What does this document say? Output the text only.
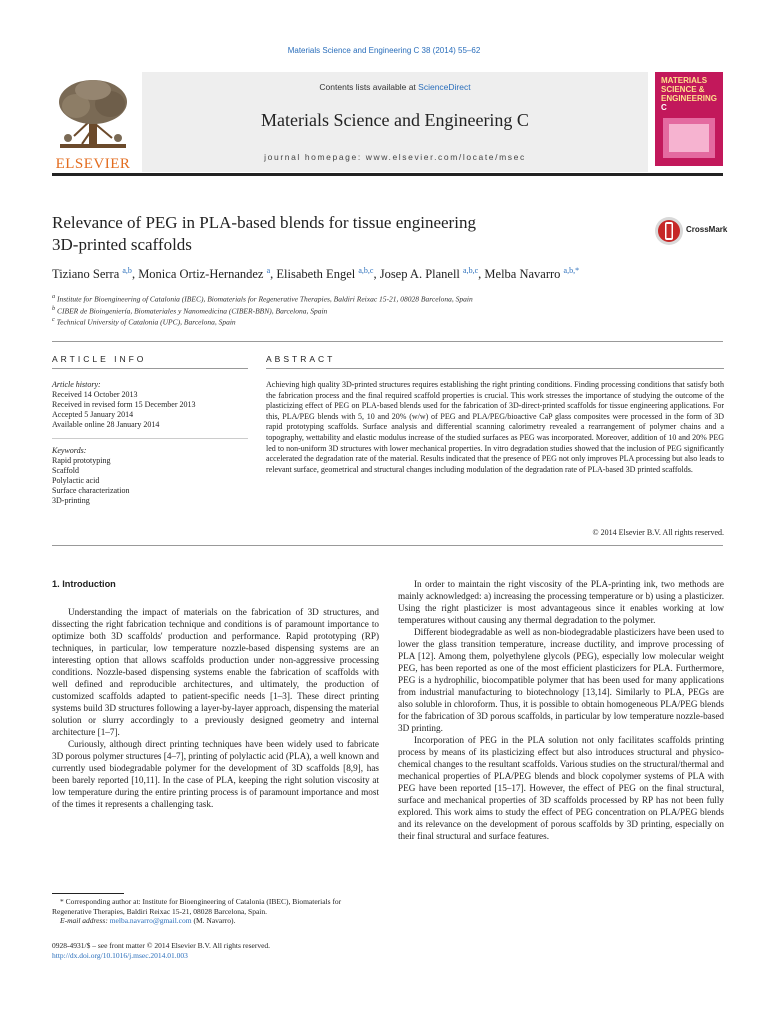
Materials Science and Engineering C 38 (2014) 55–62
ELSEVIER
Contents lists available at ScienceDirect
Materials Science and Engineering C
journal homepage: www.elsevier.com/locate/msec
MATERIALS
SCIENCE &
ENGINEERING
C
Relevance of PEG in PLA-based blends for tissue engineering
3D-printed scaffolds
CrossMark
Tiziano Serra $^{a,b}$, Monica Ortiz-Hernandez $^a$, Elisabeth Engel $^{a,b,c}$, Josep A. Planell $^{a,b,c}$, Melba Navarro $^{a,b,*}$
$^a$ Institute for Bioengineering of Catalonia (IBEC), Biomaterials for Regenerative Therapies, Baldiri Reixac 15-21, 08028 Barcelona, Spain
$^b$ CIBER de Bioingeniería, Biomateriales y Nanomedicina (CIBER-BBN), Barcelona, Spain
$^c$ Technical University of Catalonia (UPC), Barcelona, Spain
ARTICLE INFO	ABSTRACT
Article history:
Received 14 October 2013
Received in revised form 15 December 2013
Accepted 5 January 2014
Available online 28 January 2014
Keywords:
Rapid prototyping
Scaffold
Polylactic acid
Surface characterization
3D-printing
Achieving high quality 3D-printed structures requires establishing the right printing conditions. Finding processing conditions that satisfy both the fabrication process and the final required scaffold properties is crucial. This work stresses the importance of studying the outcome of the plasticizing effect of PEG on PLA-based blends used for the fabrication of 3D-direct-printed scaffolds for tissue engineering applications. For this, PLA/PEG blends with 5, 10 and 20% (w/w) of PEG and PLA/PEG/bioactive CaP glass composites were processed in the form of 3D rapid prototyping scaffolds. Surface analysis and differential scanning calorimetry revealed a rearrangement of polymer chains and a topography, wettability and elastic modulus increase of the studied surfaces as PEG was incorporated. Moreover, addition of 10 and 20% PEG led to non-uniform 3D structures with lower mechanical properties. In vitro degradation studies showed that the inclusion of PEG significantly accelerated the degradation rate of the material. Results indicated that the presence of PEG not only improves PLA processing but also leads to relevant surface, geometrical and structural changes including modulation of the degradation rate of PLA-based 3D printed scaffolds.
© 2014 Elsevier B.V. All rights reserved.
1. Introduction

Understanding the impact of materials on the fabrication of 3D structures, and dissecting the right fabrication technique and conditions is of paramount importance to optimize both 3D scaffolds' production and performance. Rapid prototyping (RP) techniques, in particular, low temperature nozzle-based dispensing systems are an interesting option that allows scaffolds production under non-aggressive processing conditions. Nozzle-based dispensing systems enable the fabrication of scaffolds with well defined and reproducible architectures, and ultimately, the production of customized scaffolds adapted to patient-specific needs [1–3]. These direct printing systems build 3D structures following a layer-by-layer approach, dispensing the material solution or slurry accordingly to a previously designed geometry and internal architecture [1–7].

Curiously, although direct printing techniques have been widely used to fabricate 3D porous polymer structures [4–7], printing of polylactic acid (PLA), a well known and currently used biodegradable polymer for the development of 3D scaffolds [8,9], has been barely reported [10,11]. In the case of PLA, keeping the right solution viscosity at low temperature during the entire printing process is of paramount importance and most of the times it represents a challenging task.

* Corresponding author at: Institute for Bioengineering of Catalonia (IBEC), Biomaterials for Regenerative Therapies, Baldiri Reixac 15-21, 08028 Barcelona, Spain.
E-mail address: melba.navarro@gmail.com (M. Navarro).
0928-4931/$ – see front matter © 2014 Elsevier B.V. All rights reserved.
http://dx.doi.org/10.1016/j.msec.2014.01.003

In order to maintain the right viscosity of the PLA-printing ink, two methods are mainly acknowledged: a) increasing the processing temperature or b) using a plasticizer. Using the right plasticizer is most advantageous since it enables working at low temperatures without causing any thermal degradation to the polymer.

Different biodegradable as well as non-biodegradable plasticizers have been used to lower the glass transition temperature, increase ductility, and improve processing of PLA [12]. Among them, polyethylene glycols (PEG), especially low molecular weight PEG, has been reported as one of the most efficient plasticizers for PLA. Furthermore, PEG is a hydrophilic, biocompatible polymer that has been used for many applications from industrial manufacturing to biotechnology [13,14]. Similarly to PLA, PEGs are also soluble in chloroform. Thus, it is possible to obtain homogeneous PLA/PEG blends for the fabrication of 3D porous scaffolds, in particular by low temperature nozzle-based 3D printing.

Incorporation of PEG in the PLA solution not only facilitates scaffolds printing process by means of its plasticizing effect but also introduces structural and physico-chemical changes to the resultant scaffolds. Various studies on the structural/thermal and mechanical properties of PLA/PEG blends and block copolymer systems of PLA with PEG have been reported [15–17]. However, the effect of PEG on the final structural, surface and mechanical properties of 3D scaffolds processed by RP has not been fully explored. This work aims to study the effect of PEG concentration on PLA/PEG blends and its relevance on the development of porous scaffolds by 3D printing, especially on their final structural and surface features.
